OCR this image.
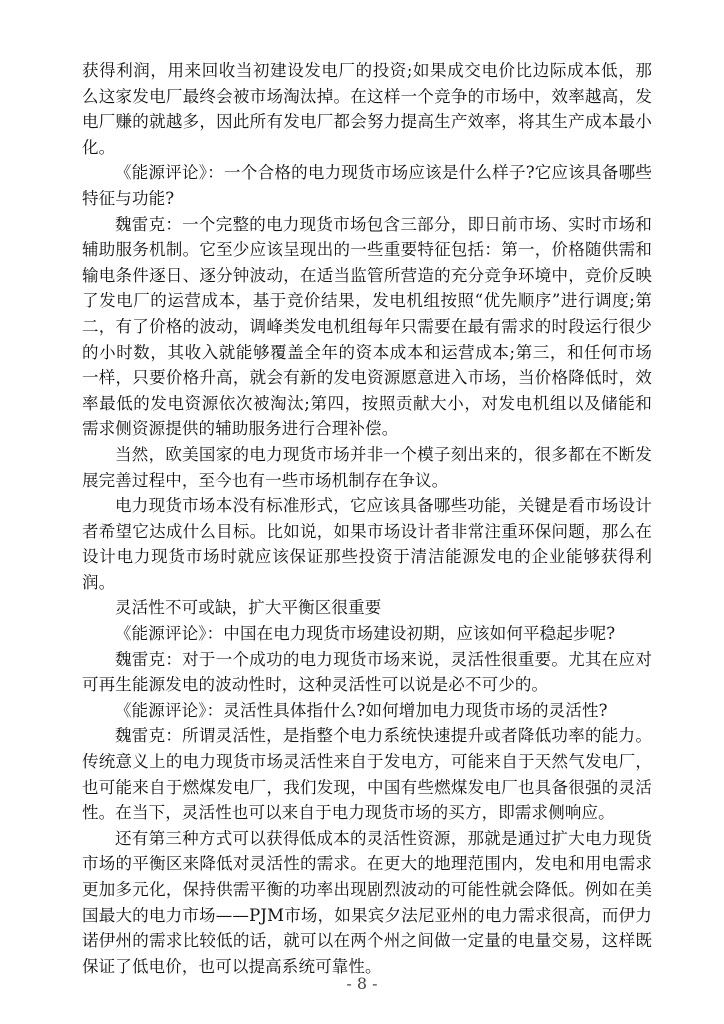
获得利润，用来回收当初建设发电厂的投资;如果成交电价比边际成本低，那么这家发电厂最终会被市场淘汰掉。在这样一个竞争的市场中，效率越高，发电厂赚的就越多，因此所有发电厂都会努力提高生产效率，将其生产成本最小化。

《能源评论》：一个合格的电力现货市场应该是什么样子?它应该具备哪些特征与功能?

魏雷克：一个完整的电力现货市场包含三部分，即日前市场、实时市场和辅助服务机制。它至少应该呈现出的一些重要特征包括：第一，价格随供需和输电条件逐日、逐分钟波动，在适当监管所营造的充分竞争环境中，竞价反映了发电厂的运营成本，基于竞价结果，发电机组按照“优先顺序”进行调度;第二，有了价格的波动，调峰类发电机组每年只需要在最有需求的时段运行很少的小时数，其收入就能够覆盖全年的资本成本和运营成本;第三，和任何市场一样，只要价格升高，就会有新的发电资源愿意进入市场，当价格降低时，效率最低的发电资源依次被淘汰;第四，按照贡献大小，对发电机组以及储能和需求侧资源提供的辅助服务进行合理补偿。

当然，欧美国家的电力现货市场并非一个模子刻出来的，很多都在不断发展完善过程中，至今也有一些市场机制存在争议。

电力现货市场本没有标准形式，它应该具备哪些功能，关键是看市场设计者希望它达成什么目标。比如说，如果市场设计者非常注重环保问题，那么在设计电力现货市场时就应该保证那些投资于清洁能源发电的企业能够获得利润。

灵活性不可或缺，扩大平衡区很重要

《能源评论》：中国在电力现货市场建设初期，应该如何平稳起步呢?

魏雷克：对于一个成功的电力现货市场来说，灵活性很重要。尤其在应对可再生能源发电的波动性时，这种灵活性可以说是必不可少的。

《能源评论》：灵活性具体指什么?如何增加电力现货市场的灵活性?

魏雷克：所谓灵活性，是指整个电力系统快速提升或者降低功率的能力。传统意义上的电力现货市场灵活性来自于发电方，可能来自于天然气发电厂，也可能来自于燃煤发电厂，我们发现，中国有些燃煤发电厂也具备很强的灵活性。在当下，灵活性也可以来自于电力现货市场的买方，即需求侧响应。

还有第三种方式可以获得低成本的灵活性资源，那就是通过扩大电力现货市场的平衡区来降低对灵活性的需求。在更大的地理范围内，发电和用电需求更加多元化，保持供需平衡的功率出现剧烈波动的可能性就会降低。例如在美国最大的电力市场——PJM市场，如果宾夕法尼亚州的电力需求很高，而伊力诺伊州的需求比较低的话，就可以在两个州之间做一定量的电量交易，这样既保证了低电价，也可以提高系统可靠性。

- 8 -
